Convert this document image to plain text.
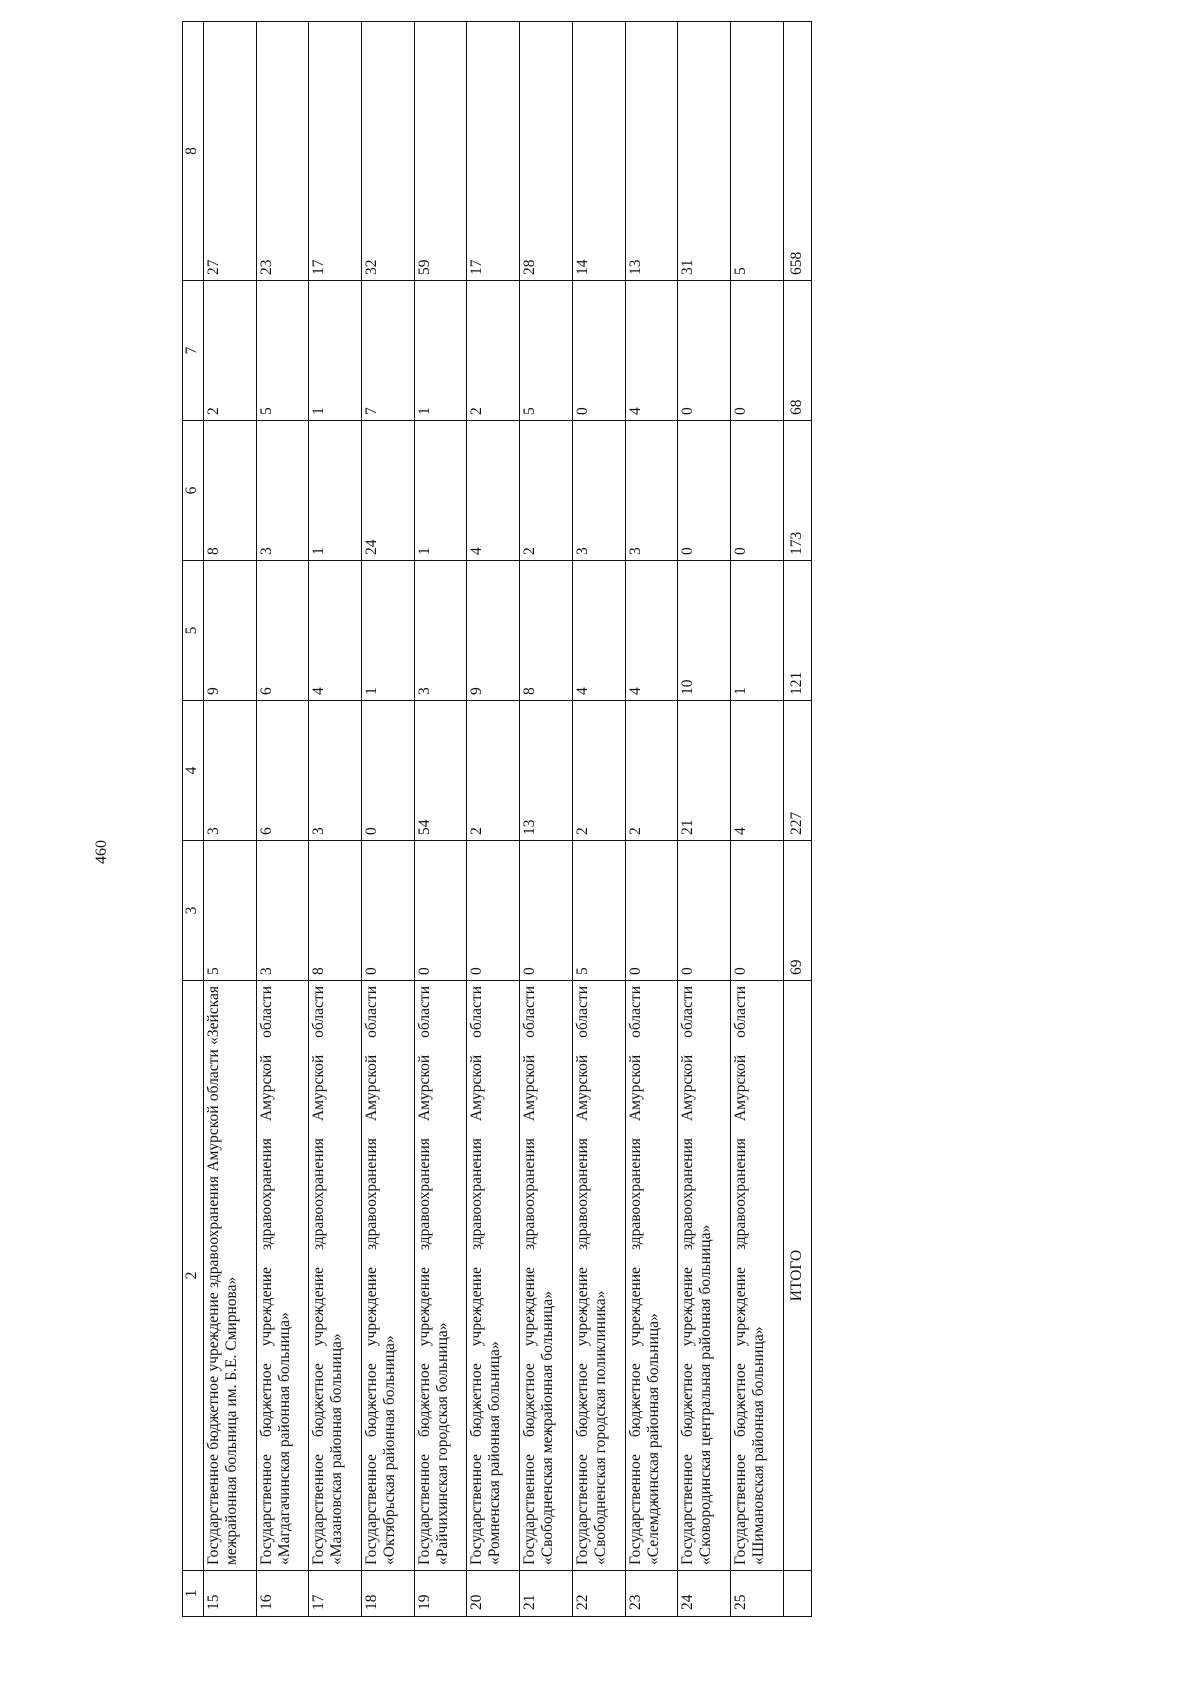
460
1	2	3	4	5	6	7	8
15	Государственное бюджетное учреждение здравоохранения Амурской области «Зейская межрайонная больница им. Б.Е. Смирнова»	5	3	9	8	2	27
16	Государственное бюджетное учреждение здравоохранения Амурской области «Магдагачинская районная больница»	3	6	6	3	5	23
17	Государственное бюджетное учреждение здравоохранения Амурской области «Мазановская районная больница»	8	3	4	1	1	17
18	Государственное бюджетное учреждение здравоохранения Амурской области «Октябрьская районная больница»	0	0	1	24	7	32
19	Государственное бюджетное учреждение здравоохранения Амурской области «Райчихинская городская больница»	0	54	3	1	1	59
20	Государственное бюджетное учреждение здравоохранения Амурской области «Ромненская районная больница»	0	2	9	4	2	17
21	Государственное бюджетное учреждение здравоохранения Амурской области «Свободненская межрайонная больница»	0	13	8	2	5	28
22	Государственное бюджетное учреждение здравоохранения Амурской области «Свободненская городская поликлиника»	5	2	4	3	0	14
23	Государственное бюджетное учреждение здравоохранения Амурской области «Селемджинская районная больница»	0	2	4	3	4	13
24	Государственное бюджетное учреждение здравоохранения Амурской области «Сковородинская центральная районная больница»	0	21	10	0	0	31
25	Государственное бюджетное учреждение здравоохранения Амурской области «Шимановская районная больница»	0	4	1	0	0	5
	ИТОГО	69	227	121	173	68	658
